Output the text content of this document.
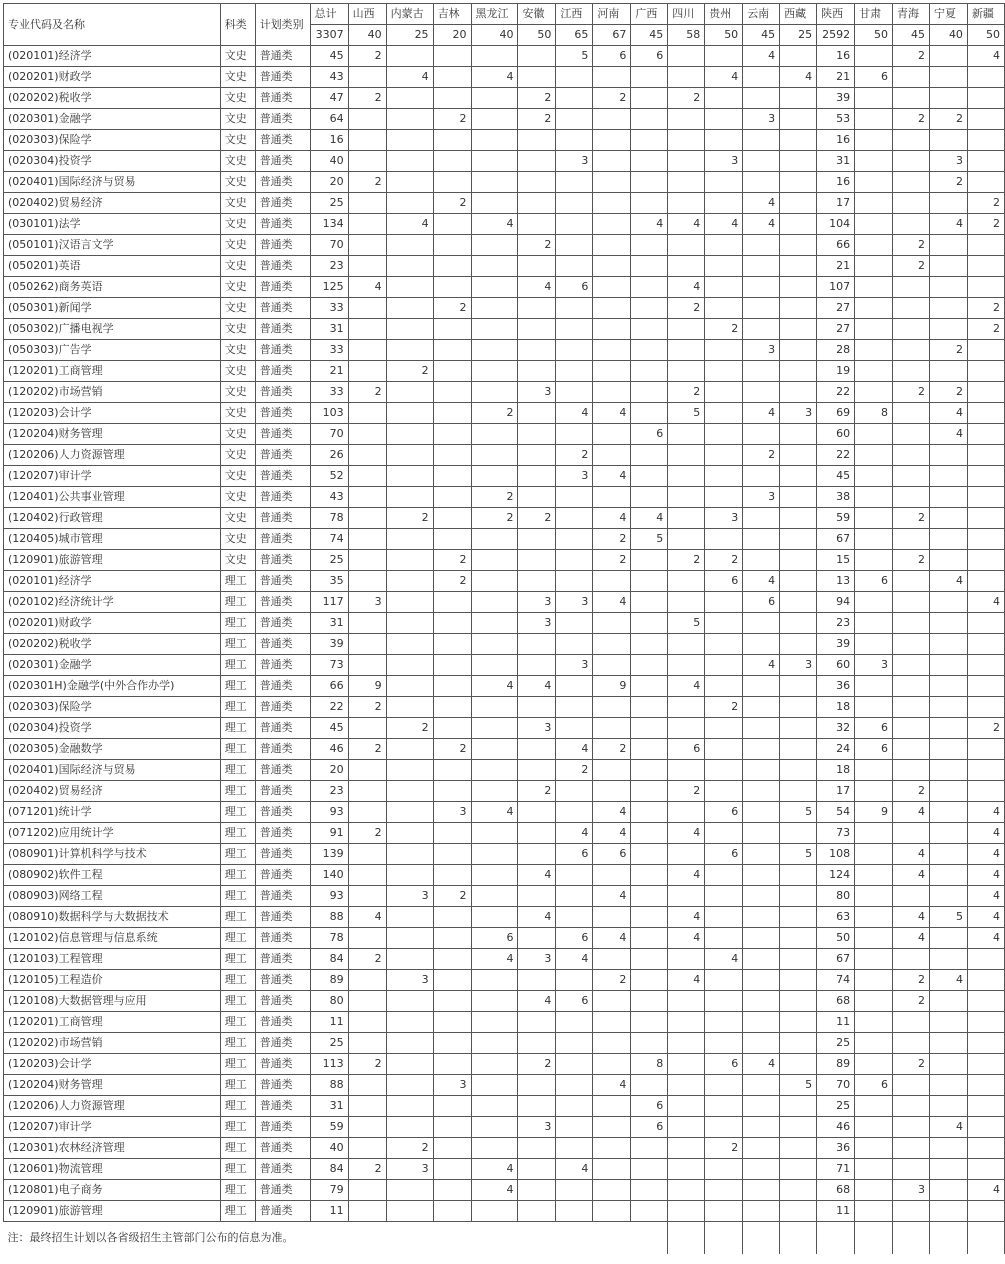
专业代码及名称	科类	计划类别	总计	山西	内蒙古	吉林	黑龙江	安徽	江西	河南	广西	四川	贵州	云南	西藏	陕西	甘肃	青海	宁夏	新疆
			3307	40	25	20	40	50	65	67	45	58	50	45	25	2592	50	45	40	50
(020101)经济学	文史	普通类	45	2					5	6	6			4		16		2		4
(020201)财政学	文史	普通类	43		4		4						4		4	21	6			
(020202)税收学	文史	普通类	47	2				2		2		2				39				
(020301)金融学	文史	普通类	64			2		2						3		53		2	2	
(020303)保险学	文史	普通类	16													16				
(020304)投资学	文史	普通类	40						3				3			31			3	
(020401)国际经济与贸易	文史	普通类	20	2												16			2	
(020402)贸易经济	文史	普通类	25			2								4		17				2
(030101)法学	文史	普通类	134		4		4				4	4	4	4		104			4	2
(050101)汉语言文学	文史	普通类	70					2								66		2		
(050201)英语	文史	普通类	23													21		2		
(050262)商务英语	文史	普通类	125	4				4	6			4				107				
(050301)新闻学	文史	普通类	33			2						2				27				2
(050302)广播电视学	文史	普通类	31										2			27				2
(050303)广告学	文史	普通类	33											3		28			2	
(120201)工商管理	文史	普通类	21		2											19				
(120202)市场营销	文史	普通类	33	2				3				2				22		2	2	
(120203)会计学	文史	普通类	103				2		4	4		5		4	3	69	8		4	
(120204)财务管理	文史	普通类	70								6					60			4	
(120206)人力资源管理	文史	普通类	26						2					2		22				
(120207)审计学	文史	普通类	52						3	4						45				
(120401)公共事业管理	文史	普通类	43				2							3		38				
(120402)行政管理	文史	普通类	78		2		2	2		4	4		3			59		2		
(120405)城市管理	文史	普通类	74							2	5					67				
(120901)旅游管理	文史	普通类	25			2				2		2	2			15		2		
(020101)经济学	理工	普通类	35			2							6	4		13	6		4	
(020102)经济统计学	理工	普通类	117	3				3	3	4				6		94				4
(020201)财政学	理工	普通类	31					3				5				23				
(020202)税收学	理工	普通类	39													39				
(020301)金融学	理工	普通类	73						3					4	3	60	3			
(020301H)金融学(中外合作办学)	理工	普通类	66	9			4	4		9		4				36				
(020303)保险学	理工	普通类	22	2									2			18				
(020304)投资学	理工	普通类	45		2			3								32	6			2
(020305)金融数学	理工	普通类	46	2		2			4	2		6				24	6			
(020401)国际经济与贸易	理工	普通类	20						2							18				
(020402)贸易经济	理工	普通类	23					2				2				17		2		
(071201)统计学	理工	普通类	93			3	4			4			6		5	54	9	4		4
(071202)应用统计学	理工	普通类	91	2					4	4		4				73				4
(080901)计算机科学与技术	理工	普通类	139						6	6			6		5	108		4		4
(080902)软件工程	理工	普通类	140					4				4				124		4		4
(080903)网络工程	理工	普通类	93		3	2				4						80				4
(080910)数据科学与大数据技术	理工	普通类	88	4				4				4				63		4	5	4
(120102)信息管理与信息系统	理工	普通类	78				6		6	4		4				50		4		4
(120103)工程管理	理工	普通类	84	2			4	3	4				4			67				
(120105)工程造价	理工	普通类	89		3					2		4				74		2	4	
(120108)大数据管理与应用	理工	普通类	80					4	6							68		2		
(120201)工商管理	理工	普通类	11													11				
(120202)市场营销	理工	普通类	25													25				
(120203)会计学	理工	普通类	113	2				2			8		6	4		89		2		
(120204)财务管理	理工	普通类	88			3				4					5	70	6			
(120206)人力资源管理	理工	普通类	31								6					25				
(120207)审计学	理工	普通类	59					3			6					46			4	
(120301)农林经济管理	理工	普通类	40		2								2			36				
(120601)物流管理	理工	普通类	84	2	3		4		4							71				
(120801)电子商务	理工	普通类	79				4									68		3		4
(120901)旅游管理	理工	普通类	11													11				
注：最终招生计划以各省级招生主管部门公布的信息为准。																				
